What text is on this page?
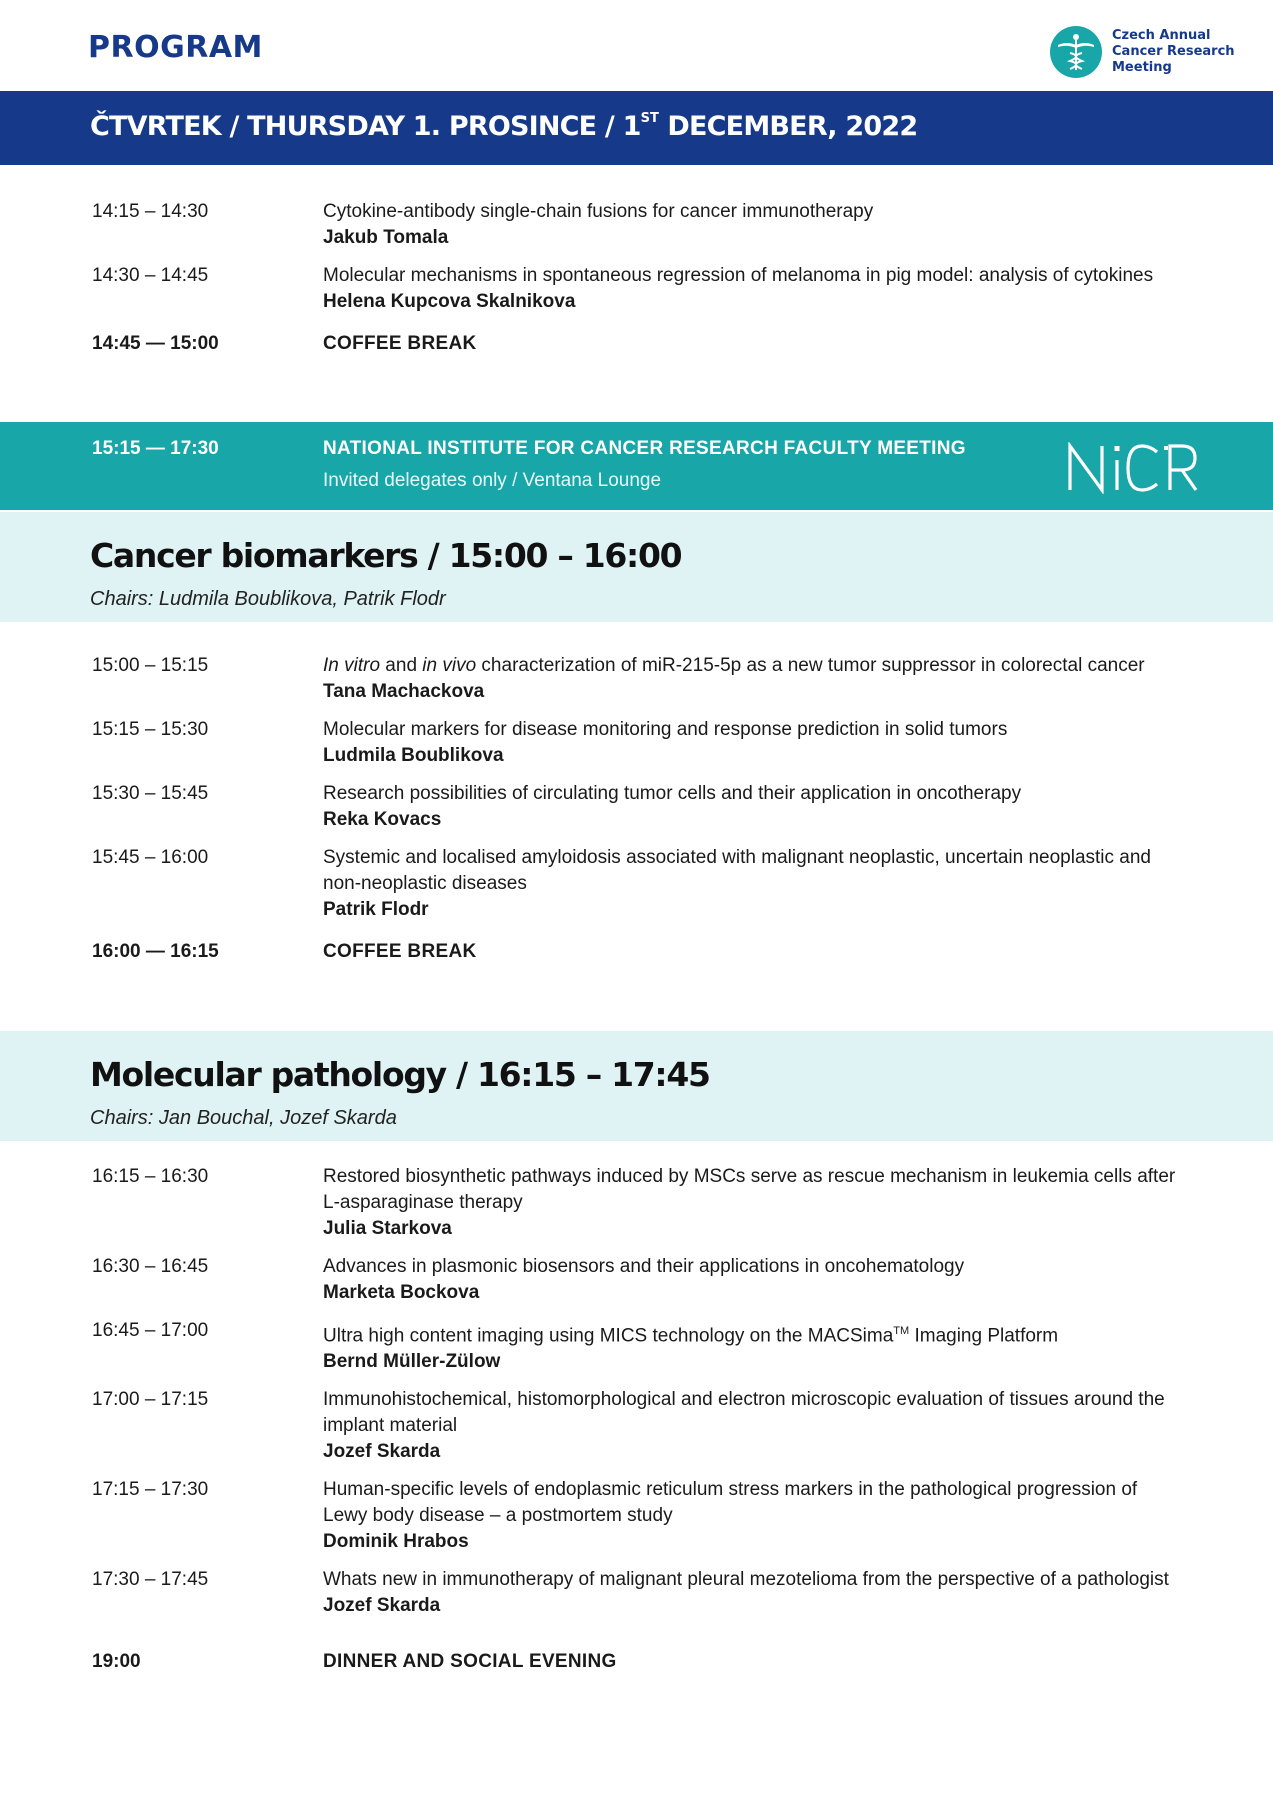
PROGRAM	Czech Annual
Cancer Research
Meeting
ČTVRTEK / THURSDAY 1. PROSINCE / 1ST DECEMBER, 2022
14:15 – 14:30	Cytokine-antibody single-chain fusions for cancer immunotherapy
Jakub Tomala
14:30 – 14:45	Molecular mechanisms in spontaneous regression of melanoma in pig model: analysis of cytokines
Helena Kupcova Skalnikova
14:45 — 15:00	COFFEE BREAK
15:15 — 17:30	NATIONAL INSTITUTE FOR CANCER RESEARCH FACULTY MEETING
Invited delegates only / Ventana Lounge
Cancer biomarkers / 15:00 – 16:00
Chairs: Ludmila Boublikova, Patrik Flodr
15:00 – 15:15	In vitro and in vivo characterization of miR-215-5p as a new tumor suppressor in colorectal cancer
Tana Machackova
15:15 – 15:30	Molecular markers for disease monitoring and response prediction in solid tumors
Ludmila Boublikova
15:30 – 15:45	Research possibilities of circulating tumor cells and their application in oncotherapy
Reka Kovacs
15:45 – 16:00	Systemic and localised amyloidosis associated with malignant neoplastic, uncertain neoplastic and non-neoplastic diseases
Patrik Flodr
16:00 — 16:15	COFFEE BREAK
Molecular pathology / 16:15 – 17:45
Chairs: Jan Bouchal, Jozef Skarda
16:15 – 16:30	Restored biosynthetic pathways induced by MSCs serve as rescue mechanism in leukemia cells after L-asparaginase therapy
Julia Starkova
16:30 – 16:45	Advances in plasmonic biosensors and their applications in oncohematology
Marketa Bockova
16:45 – 17:00	Ultra high content imaging using MICS technology on the MACSima™ Imaging Platform
Bernd Müller-Zülow
17:00 – 17:15	Immunohistochemical, histomorphological and electron microscopic evaluation of tissues around the implant material
Jozef Skarda
17:15 – 17:30	Human-specific levels of endoplasmic reticulum stress markers in the pathological progression of Lewy body disease – a postmortem study
Dominik Hrabos
17:30 – 17:45	Whats new in immunotherapy of malignant pleural mezotelioma from the perspective of a pathologist
Jozef Skarda
19:00	DINNER AND SOCIAL EVENING
